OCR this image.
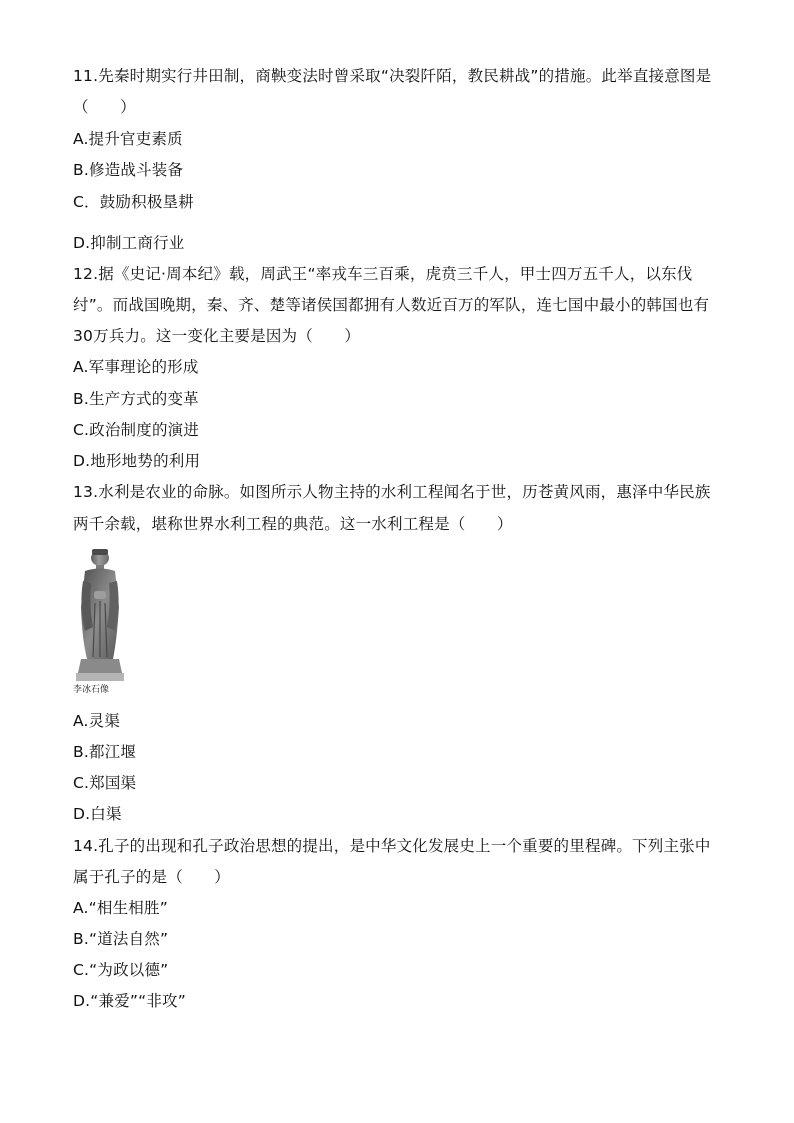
11.先秦时期实行井田制，商鞅变法时曾采取“决裂阡陌，教民耕战”的措施。此举直接意图是
（　　）
A.提升官吏素质
B.修造战斗装备
C．鼓励积极垦耕
D.抑制工商行业
12.据《史记·周本纪》载，周武王“率戎车三百乘，虎贲三千人，甲士四万五千人，以东伐
纣”。而战国晚期，秦、齐、楚等诸侯国都拥有人数近百万的军队，连七国中最小的韩国也有
30万兵力。这一变化主要是因为（　　）
A.军事理论的形成
B.生产方式的变革
C.政治制度的演进
D.地形地势的利用
13.水利是农业的命脉。如图所示人物主持的水利工程闻名于世，历苍黄风雨，惠泽中华民族
两千余载，堪称世界水利工程的典范。这一水利工程是（　　）
李冰石像
A.灵渠
B.都江堰
C.郑国渠
D.白渠
14.孔子的出现和孔子政治思想的提出，是中华文化发展史上一个重要的里程碑。下列主张中
属于孔子的是（　　）
A.“相生相胜”
B.“道法自然”
C.“为政以德”
D.“兼爱”“非攻”
